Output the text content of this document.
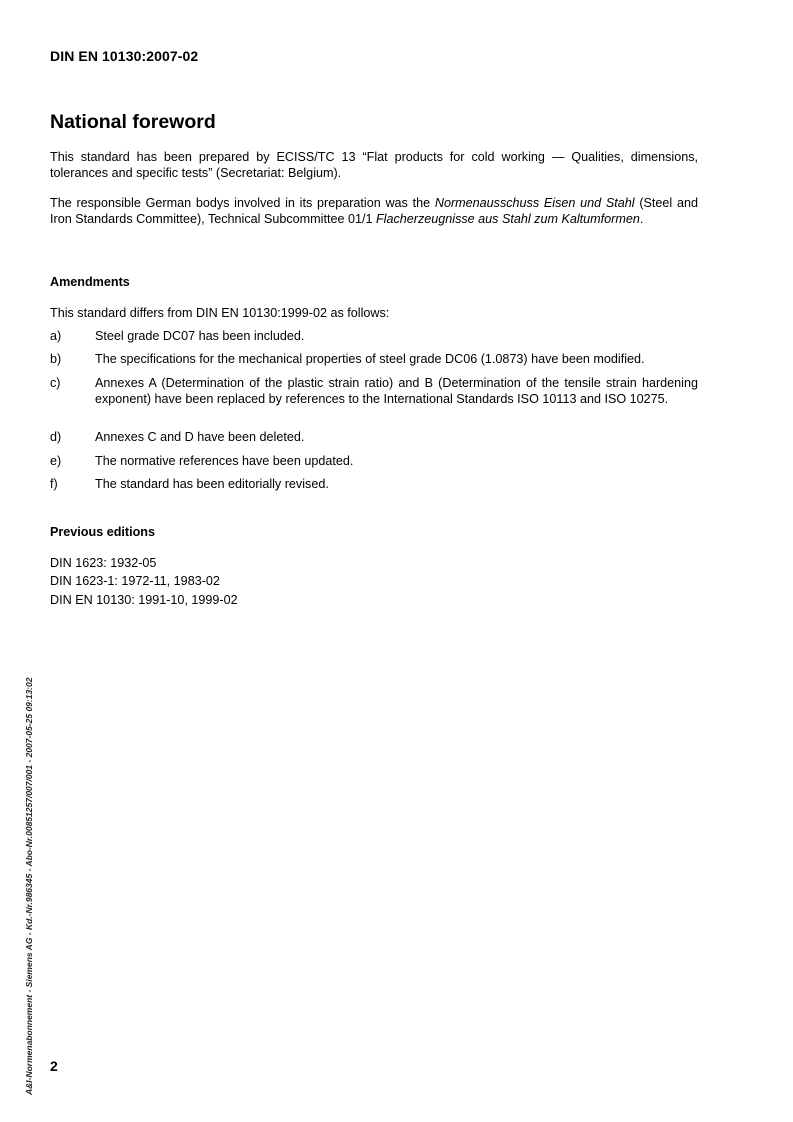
DIN EN 10130:2007-02
National foreword

This standard has been prepared by ECISS/TC 13 “Flat products for cold working — Qualities, dimensions, tolerances and specific tests” (Secretariat: Belgium).

The responsible German bodys involved in its preparation was the Normenausschuss Eisen und Stahl (Steel and Iron Standards Committee), Technical Subcommittee 01/1 Flacherzeugnisse aus Stahl zum Kaltumformen.

Amendments

This standard differs from DIN EN 10130:1999-02 as follows:

a)	Steel grade DC07 has been included.
b)	The specifications for the mechanical properties of steel grade DC06 (1.0873) have been modified.
c)	Annexes A (Determination of the plastic strain ratio) and B (Determination of the tensile strain hardening exponent) have been replaced by references to the International Standards ISO 10113 and ISO 10275.
d)	Annexes C and D have been deleted.
e)	The normative references have been updated.
f)	The standard has been editorially revised.
Previous editions
DIN 1623: 1932-05
DIN 1623-1: 1972-11, 1983-02
DIN EN 10130: 1991-10, 1999-02
2
A&I-Normenabonnement - Siemens AG - Kd.-Nr.986345 - Abo-Nr.00851257/007/001 - 2007-05-25 09:13:02
